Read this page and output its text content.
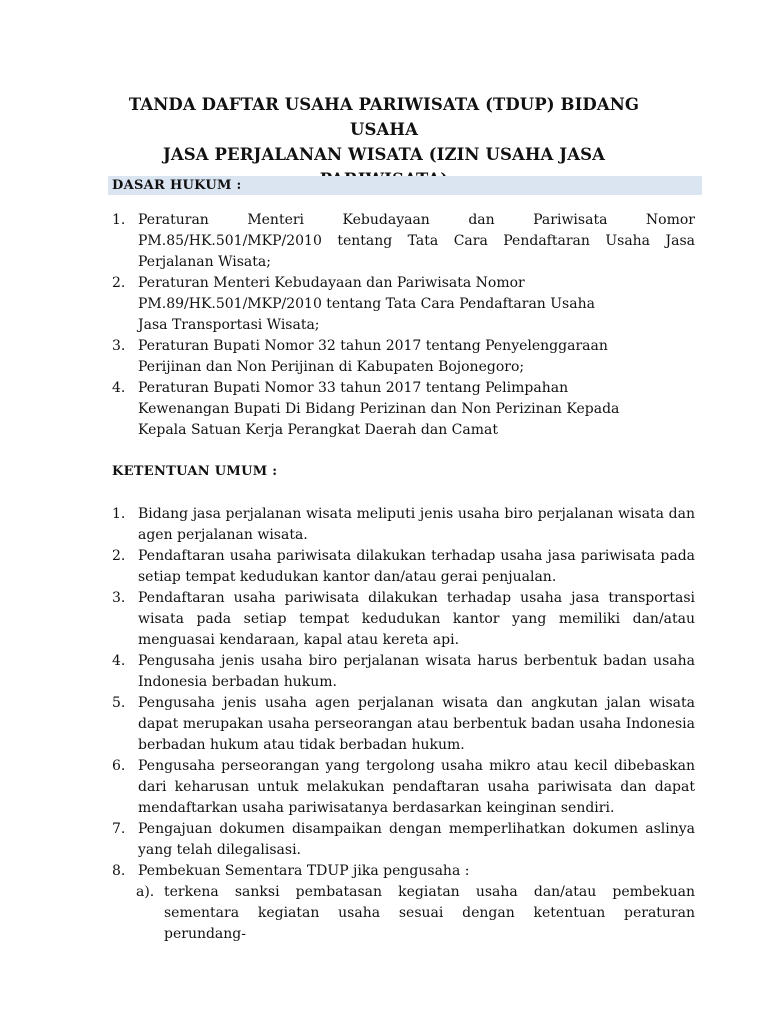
TANDA DAFTAR USAHA PARIWISATA (TDUP) BIDANG USAHA
JASA PERJALANAN WISATA (IZIN USAHA JASA
DASAR HUKUM :
1. Peraturan Menteri Kebudayaan dan Pariwisata Nomor PM.85/HK.501/MKP/2010 tentang Tata Cara Pendaftaran Usaha Jasa Perjalanan Wisata;
2. Peraturan Menteri Kebudayaan dan Pariwisata Nomor
PM.89/HK.501/MKP/2010 tentang Tata Cara Pendaftaran Usaha
Jasa Transportasi Wisata;
3. Peraturan Bupati Nomor 32 tahun 2017 tentang Penyelenggaraan
Perijinan dan Non Perijinan di Kabupaten Bojonegoro;
4. Peraturan Bupati Nomor 33 tahun 2017 tentang Pelimpahan
Kewenangan Bupati Di Bidang Perizinan dan Non Perizinan Kepada
Kepala Satuan Kerja Perangkat Daerah dan Camat
KETENTUAN UMUM :
1. Bidang jasa perjalanan wisata meliputi jenis usaha biro perjalanan wisata dan agen perjalanan wisata.
2. Pendaftaran usaha pariwisata dilakukan terhadap usaha jasa pariwisata pada setiap tempat kedudukan kantor dan/atau gerai penjualan.
3. Pendaftaran usaha pariwisata dilakukan terhadap usaha jasa transportasi wisata pada setiap tempat kedudukan kantor yang memiliki dan/atau menguasai kendaraan, kapal atau kereta api.
4. Pengusaha jenis usaha biro perjalanan wisata harus berbentuk badan usaha Indonesia berbadan hukum.
5. Pengusaha jenis usaha agen perjalanan wisata dan angkutan jalan wisata dapat merupakan usaha perseorangan atau berbentuk badan usaha Indonesia berbadan hukum atau tidak berbadan hukum.
6. Pengusaha perseorangan yang tergolong usaha mikro atau kecil dibebaskan dari keharusan untuk melakukan pendaftaran usaha pariwisata dan dapat mendaftarkan usaha pariwisatanya berdasarkan keinginan sendiri.
7. Pengajuan dokumen disampaikan dengan memperlihatkan dokumen aslinya yang telah dilegalisasi.
8. Pembekuan Sementara TDUP jika pengusaha :
a). terkena sanksi pembatasan kegiatan usaha dan/atau pembekuan sementara kegiatan usaha sesuai dengan ketentuan peraturan perundang-
